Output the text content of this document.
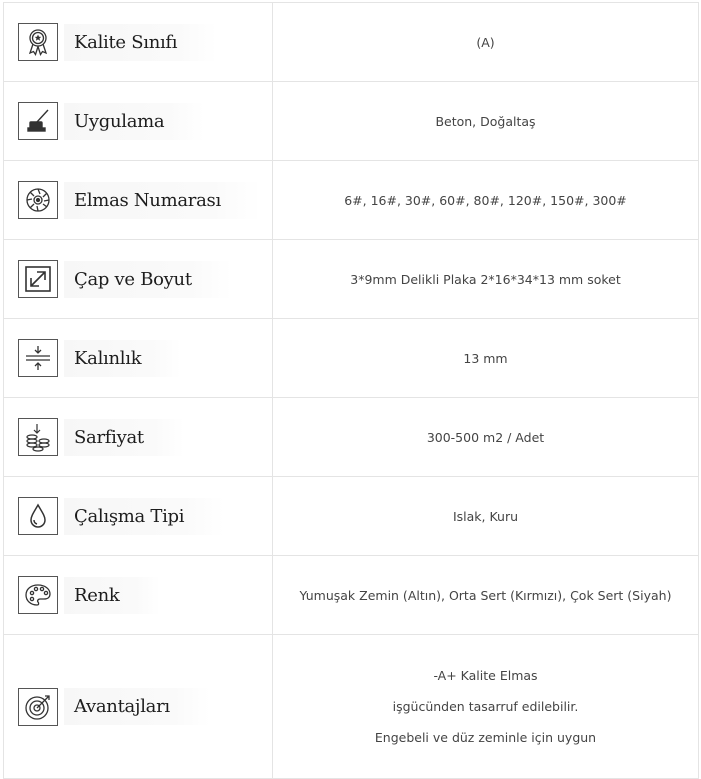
Kalite Sınıfı	(A)

Uygulama	Beton, Doğaltaş

Elmas Numarası	6#, 16#, 30#, 60#, 80#, 120#, 150#, 300#

Çap ve Boyut	3*9mm Delikli Plaka 2*16*34*13 mm soket

Kalınlık	13 mm

Sarfiyat	300-500 m2 / Adet

Çalışma Tipi	Islak, Kuru

Renk	Yumuşak Zemin (Altın), Orta Sert (Kırmızı), Çok Sert (Siyah)

Avantajları	-A+ Kalite Elmas
işgücünden tasarruf edilebilir.
Engebeli ve düz zeminle için uygun
